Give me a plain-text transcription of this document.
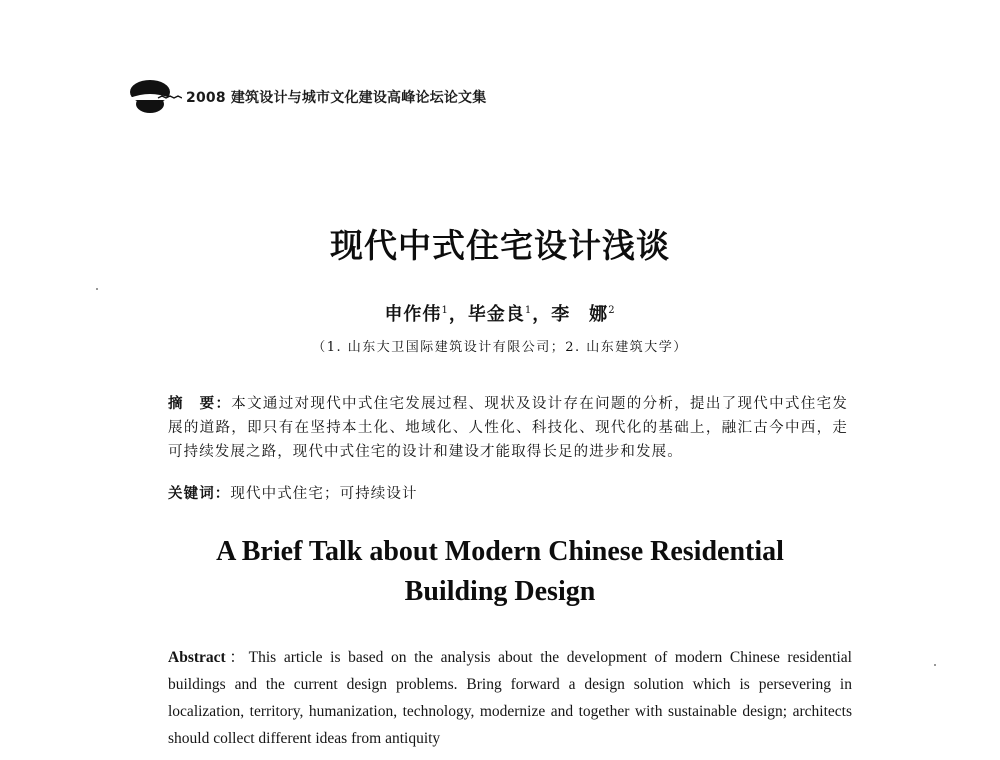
2008 建筑设计与城市文化建设高峰论坛论文集
现代中式住宅设计浅谈
申作伟$^1$，毕金良$^1$，李　娜$^2$
（1. 山东大卫国际建筑设计有限公司；2. 山东建筑大学）
摘　要：本文通过对现代中式住宅发展过程、现状及设计存在问题的分析，提出了现代中式住宅发展的道路，即只有在坚持本土化、地域化、人性化、科技化、现代化的基础上，融汇古今中西，走可持续发展之路，现代中式住宅的设计和建设才能取得长足的进步和发展。
关键词：现代中式住宅；可持续设计
A Brief Talk about Modern Chinese Residential
Building Design
Abstract：This article is based on the analysis about the development of modern Chinese residential buildings and the current design problems. Bring forward a design solution which is persevering in localization, territory, humanization, technology, modernize and together with sustainable design; architects should collect different ideas from antiquity
